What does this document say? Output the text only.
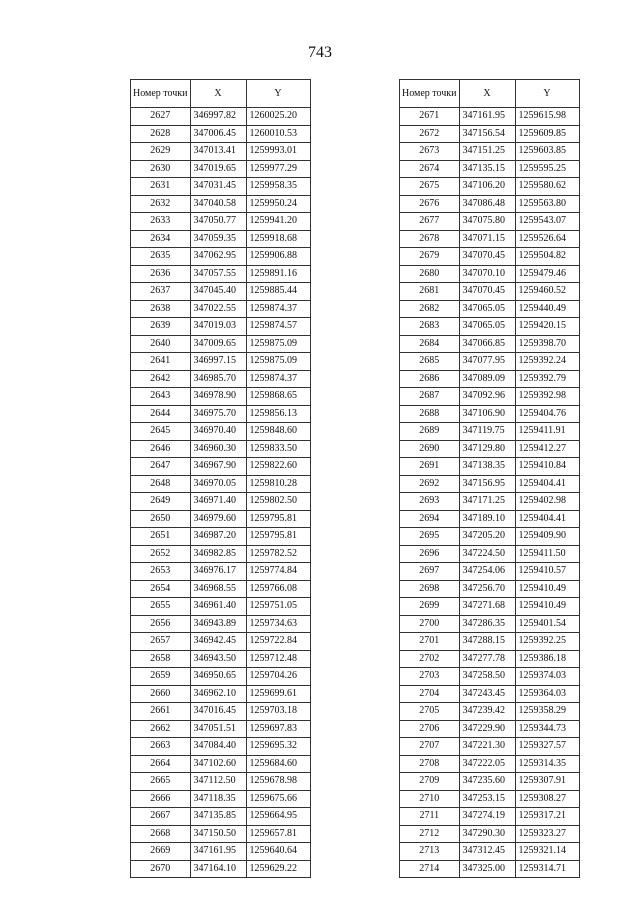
743
Номер точки	X	Y
2627	346997.82	1260025.20
2628	347006.45	1260010.53
2629	347013.41	1259993.01
2630	347019.65	1259977.29
2631	347031.45	1259958.35
2632	347040.58	1259950.24
2633	347050.77	1259941.20
2634	347059.35	1259918.68
2635	347062.95	1259906.88
2636	347057.55	1259891.16
2637	347045.40	1259885.44
2638	347022.55	1259874.37
2639	347019.03	1259874.57
2640	347009.65	1259875.09
2641	346997.15	1259875.09
2642	346985.70	1259874.37
2643	346978.90	1259868.65
2644	346975.70	1259856.13
2645	346970.40	1259848.60
2646	346960.30	1259833.50
2647	346967.90	1259822.60
2648	346970.05	1259810.28
2649	346971.40	1259802.50
2650	346979.60	1259795.81
2651	346987.20	1259795.81
2652	346982.85	1259782.52
2653	346976.17	1259774.84
2654	346968.55	1259766.08
2655	346961.40	1259751.05
2656	346943.89	1259734.63
2657	346942.45	1259722.84
2658	346943.50	1259712.48
2659	346950.65	1259704.26
2660	346962.10	1259699.61
2661	347016.45	1259703.18
2662	347051.51	1259697.83
2663	347084.40	1259695.32
2664	347102.60	1259684.60
2665	347112.50	1259678.98
2666	347118.35	1259675.66
2667	347135.85	1259664.95
2668	347150.50	1259657.81
2669	347161.95	1259640.64
2670	347164.10	1259629.22
Номер точки	X	Y
2671	347161.95	1259615.98
2672	347156.54	1259609.85
2673	347151.25	1259603.85
2674	347135.15	1259595.25
2675	347106.20	1259580.62
2676	347086.48	1259563.80
2677	347075.80	1259543.07
2678	347071.15	1259526.64
2679	347070.45	1259504.82
2680	347070.10	1259479.46
2681	347070.45	1259460.52
2682	347065.05	1259440.49
2683	347065.05	1259420.15
2684	347066.85	1259398.70
2685	347077.95	1259392.24
2686	347089.09	1259392.79
2687	347092.96	1259392.98
2688	347106.90	1259404.76
2689	347119.75	1259411.91
2690	347129.80	1259412.27
2691	347138.35	1259410.84
2692	347156.95	1259404.41
2693	347171.25	1259402.98
2694	347189.10	1259404.41
2695	347205.20	1259409.90
2696	347224.50	1259411.50
2697	347254.06	1259410.57
2698	347256.70	1259410.49
2699	347271.68	1259410.49
2700	347286.35	1259401.54
2701	347288.15	1259392.25
2702	347277.78	1259386.18
2703	347258.50	1259374.03
2704	347243.45	1259364.03
2705	347239.42	1259358.29
2706	347229.90	1259344.73
2707	347221.30	1259327.57
2708	347222.05	1259314.35
2709	347235.60	1259307.91
2710	347253.15	1259308.27
2711	347274.19	1259317.21
2712	347290.30	1259323.27
2713	347312.45	1259321.14
2714	347325.00	1259314.71
